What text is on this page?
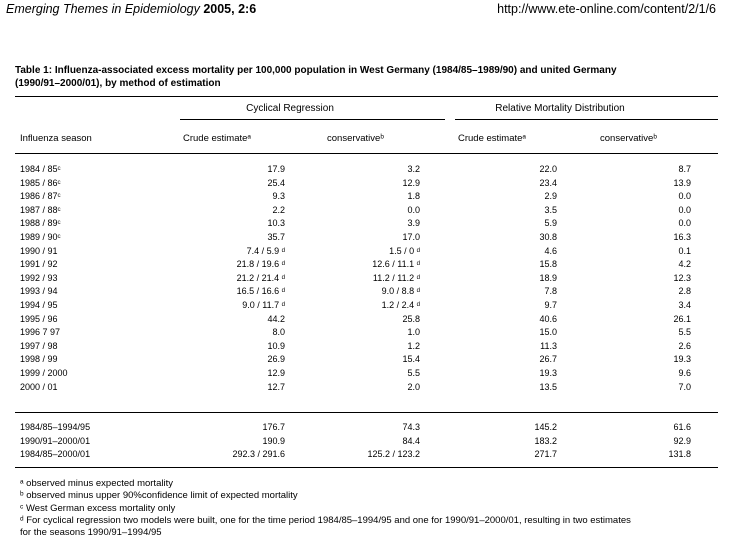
Emerging Themes in Epidemiology 2005, 2:6	http://www.ete-online.com/content/2/1/6
Table 1: Influenza-associated excess mortality per 100,000 population in West Germany (1984/85–1989/90) and united Germany
(1990/91–2000/01), by method of estimation
Cyclical Regression	Relative Mortality Distribution
Influenza season	Crude estimateᵃ	conservativeᵇ	Crude estimateᵃ	conservativeᵇ
1984 / 85ᶜ	17.9	3.2	22.0	8.7
1985 / 86ᶜ	25.4	12.9	23.4	13.9
1986 / 87ᶜ	9.3	1.8	2.9	0.0
1987 / 88ᶜ	2.2	0.0	3.5	0.0
1988 / 89ᶜ	10.3	3.9	5.9	0.0
1989 / 90ᶜ	35.7	17.0	30.8	16.3
1990 / 91	7.4 / 5.9 ᵈ	1.5 / 0 ᵈ	4.6	0.1
1991 / 92	21.8 / 19.6 ᵈ	12.6 / 11.1 ᵈ	15.8	4.2
1992 / 93	21.2 / 21.4 ᵈ	11.2 / 11.2 ᵈ	18.9	12.3
1993 / 94	16.5 / 16.6 ᵈ	9.0 / 8.8 ᵈ	7.8	2.8
1994 / 95	9.0 / 11.7 ᵈ	1.2 / 2.4 ᵈ	9.7	3.4
1995 / 96	44.2	25.8	40.6	26.1
1996 7 97	8.0	1.0	15.0	5.5
1997 / 98	10.9	1.2	11.3	2.6
1998 / 99	26.9	15.4	26.7	19.3
1999 / 2000	12.9	5.5	19.3	9.6
2000 / 01	12.7	2.0	13.5	7.0
1984/85–1994/95	176.7	74.3	145.2	61.6
1990/91–2000/01	190.9	84.4	183.2	92.9
1984/85–2000/01	292.3 / 291.6	125.2 / 123.2	271.7	131.8
ᵃ observed minus expected mortality
ᵇ observed minus upper 90%confidence limit of expected mortality
ᶜ West German excess mortality only
ᵈ For cyclical regression two models were built, one for the time period 1984/85–1994/95 and one for 1990/91–2000/01, resulting in two estimates
for the seasons 1990/91–1994/95
